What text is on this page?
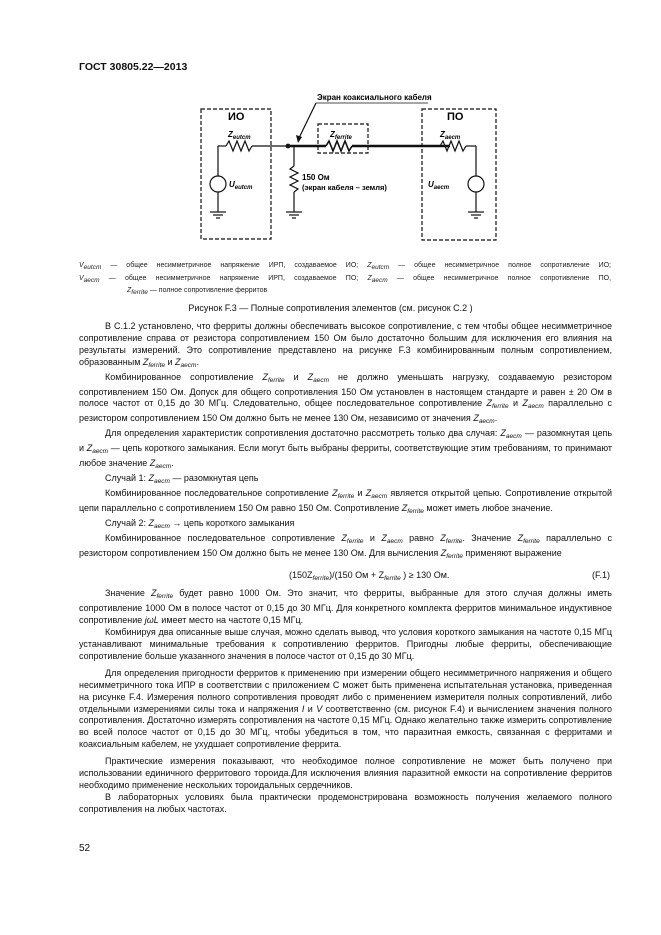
ГОСТ 30805.22—2013
Экран коаксиального кабеля
ИО	ПО
$Z_{eutcm}$	$Z_{ferrite}$	$Z_{aecm}$
$U_{eutcm}$	$U_{aecm}$
150 Ом
(экран кабеля – земля)
$V_{eutcm}$ — общее несимметричное напряжение ИРП, создаваемое ИО; $Z_{eutcm}$ — общее несимметричное полное сопротивление ИО;
$V_{aecm}$ — общее несимметричное напряжение ИРП, создаваемое ПО; $Z_{aecm}$ — общее несимметричное полное сопротивление ПО,
$Z_{ferrite}$ — полное сопротивление ферритов
Рисунок F.3 — Полные сопротивления элементов (см. рисунок C.2 )

В C.1.2 установлено, что ферриты должны обеспечивать высокое сопротивление, с тем чтобы общее несимметричное сопротивление справа от резистора сопротивлением 150 Ом было достаточно большим для исключения его влияния на результаты измерений. Это сопротивление представлено на рисунке F.3 комбинированным полным сопротивлением, образованным $Z_{ferrite}$ и $Z_{aecm}$.

Комбинированное сопротивление $Z_{ferrite}$ и $Z_{aecm}$ не должно уменьшать нагрузку, создаваемую резистором сопротивлением 150 Ом. Допуск для общего сопротивления 150 Ом установлен в настоящем стандарте и равен ± 20 Ом в полосе частот от 0,15 до 30 МГц. Следовательно, общее последовательное сопротивление $Z_{ferrite}$ и $Z_{aecm}$ параллельно с резистором сопротивлением 150 Ом должно быть не менее 130 Ом, независимо от значения $Z_{aecm}$.

Для определения характеристик сопротивления достаточно рассмотреть только два случая: $Z_{aecm}$ — разомкнутая цепь и $Z_{aecm}$ — цепь короткого замыкания. Если могут быть выбраны ферриты, соответствующие этим требованиям, то принимают любое значение $Z_{aecm}$.

Случай 1: $Z_{aecm}$ — разомкнутая цепь

Комбинированное последовательное сопротивление $Z_{ferrite}$ и $Z_{aecm}$ является открытой цепью. Сопротивление открытой цепи параллельно с сопротивлением 150 Ом равно 150 Ом. Сопротивление $Z_{ferrite}$ может иметь любое значение.

Случай 2: $Z_{aecm}$ → цепь короткого замыкания

Комбинированное последовательное сопротивление $Z_{ferrite}$ и $Z_{aecm}$ равно $Z_{ferrite}$. Значение $Z_{ferrite}$ параллельно с резистором сопротивлением 150 Ом должно быть не менее 130 Ом. Для вычисления $Z_{ferrite}$ применяют выражение

$(150Z_{ferrite})/(150$ Ом + $Z_{ferrite}$ ) ≥ 130 Ом.	(F.1)

Значение $Z_{ferrite}$ будет равно 1000 Ом. Это значит, что ферриты, выбранные для этого случая должны иметь сопротивление 1000 Ом в полосе частот от 0,15 до 30 МГц. Для конкретного комплекта ферритов минимальное индуктивное сопротивление jωL имеет место на частоте 0,15 МГц.

Комбинируя два описанные выше случая, можно сделать вывод, что условия короткого замыкания на частоте 0,15 МГц устанавливают минимальные требования к сопротивлению ферритов. Пригодны любые ферриты, обеспечивающие сопротивление больше указанного значения в полосе частот от 0,15 до 30 МГц.

Для определения пригодности ферритов к применению при измерении общего несимметричного напряжения и общего несимметричного тока ИПР в соответствии с приложением С может быть применена испытательная установка, приведенная на рисунке F.4. Измерения полного сопротивления проводят либо с применением измерителя полных сопротивлений, либо отдельными измерениями силы тока и напряжения I и V соответственно (см. рисунок F.4) и вычислением значения полного сопротивления. Достаточно измерять сопротивления на частоте 0,15 МГц. Однако желательно также измерить сопротивление во всей полосе частот от 0,15 до 30 МГц, чтобы убедиться в том, что паразитная емкость, связанная с ферритами и коаксиальным кабелем, не ухудшает сопротивление феррита.

Практические измерения показывают, что необходимое полное сопротивление не может быть получено при использовании единичного ферритового тороида.Для исключения влияния паразитной емкости на сопротивление ферритов необходимо применение нескольких тороидальных сердечников.

В лабораторных условиях была практически продемонстрирована возможность получения желаемого полного сопротивления на любых частотах.

52
